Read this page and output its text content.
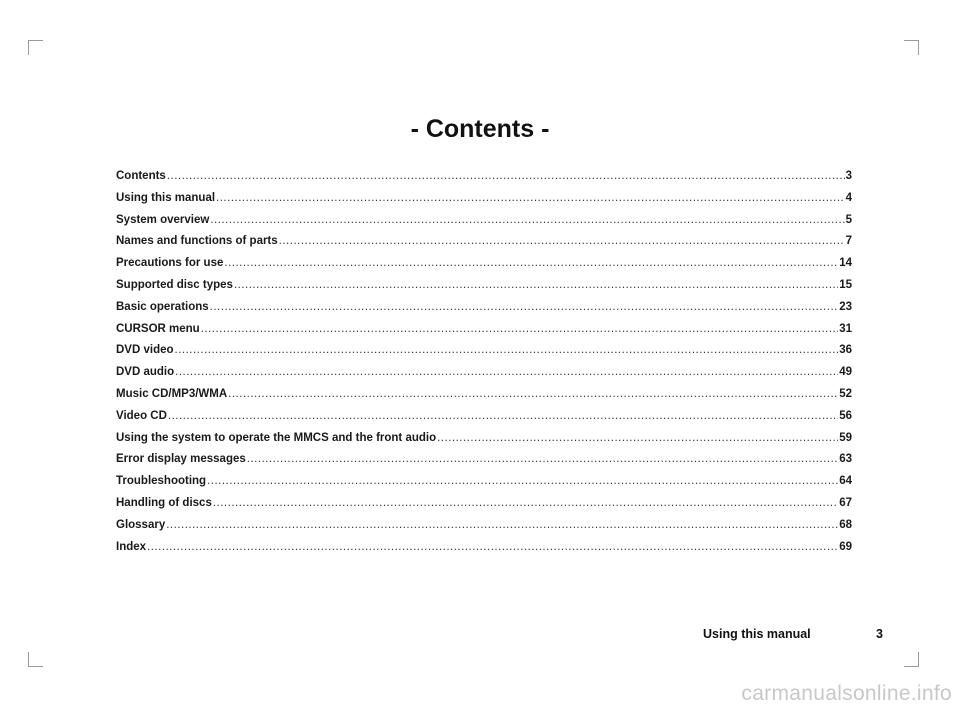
- Contents -
Contents .....	3
Using this manual .....	4
System overview .....	5
Names and functions of parts .....	7
Precautions for use .....	14
Supported disc types .....	15
Basic operations .....	23
CURSOR menu .....	31
DVD video .....	36
DVD audio .....	49
Music CD/MP3/WMA .....	52
Video CD .....	56
Using the system to operate the MMCS and the front audio .....	59
Error display messages .....	63
Troubleshooting .....	64
Handling of discs .....	67
Glossary .....	68
Index .....	69
Using this manual	3
carmanualsonline.info
